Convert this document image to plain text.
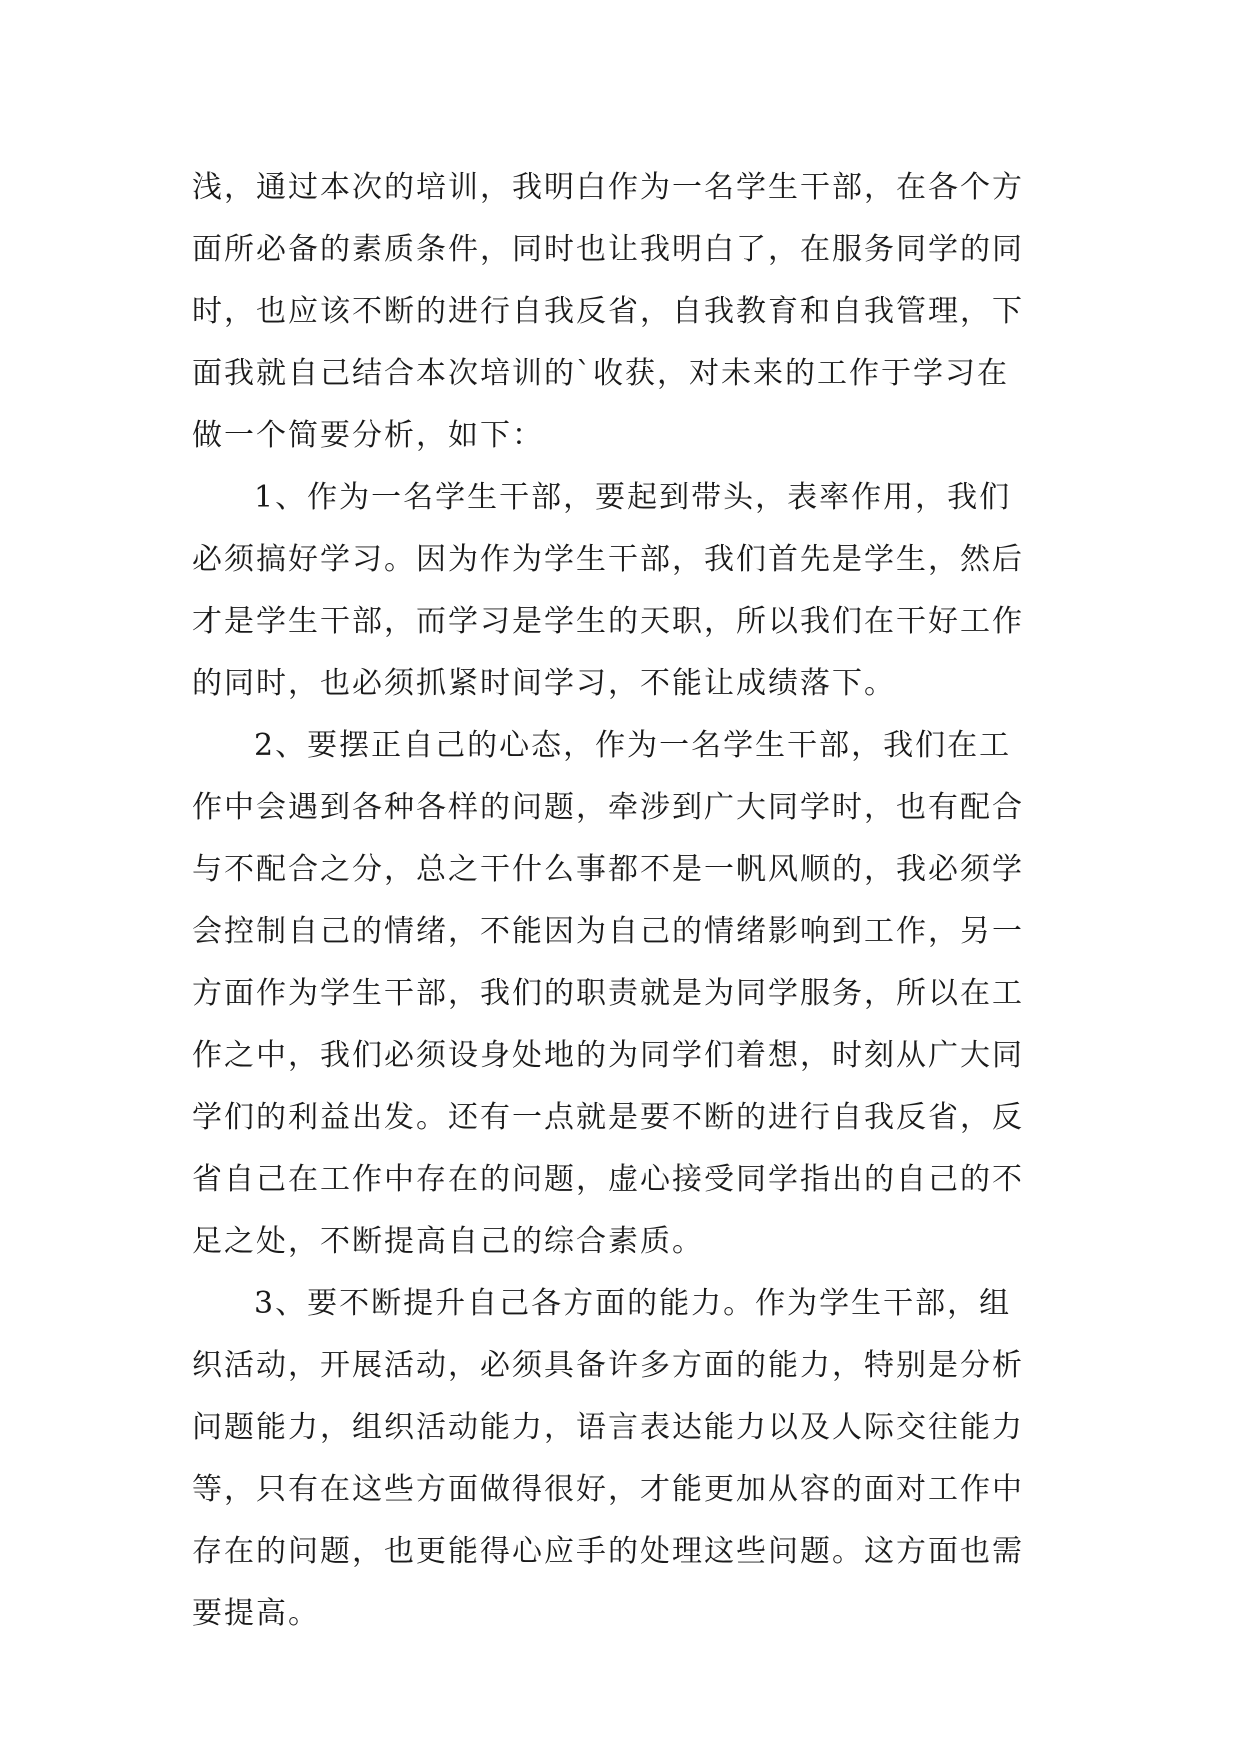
浅，通过本次的培训，我明白作为一名学生干部，在各个方
面所必备的素质条件，同时也让我明白了，在服务同学的同
时，也应该不断的进行自我反省，自我教育和自我管理，下
面我就自己结合本次培训的`收获，对未来的工作于学习在
做一个简要分析，如下：
1、作为一名学生干部，要起到带头，表率作用，我们
必须搞好学习。因为作为学生干部，我们首先是学生，然后
才是学生干部，而学习是学生的天职，所以我们在干好工作
的同时，也必须抓紧时间学习，不能让成绩落下。
2、要摆正自己的心态，作为一名学生干部，我们在工
作中会遇到各种各样的问题，牵涉到广大同学时，也有配合
与不配合之分，总之干什么事都不是一帆风顺的，我必须学
会控制自己的情绪，不能因为自己的情绪影响到工作，另一
方面作为学生干部，我们的职责就是为同学服务，所以在工
作之中，我们必须设身处地的为同学们着想，时刻从广大同
学们的利益出发。还有一点就是要不断的进行自我反省，反
省自己在工作中存在的问题，虚心接受同学指出的自己的不
足之处，不断提高自己的综合素质。
3、要不断提升自己各方面的能力。作为学生干部，组
织活动，开展活动，必须具备许多方面的能力，特别是分析
问题能力，组织活动能力，语言表达能力以及人际交往能力
等，只有在这些方面做得很好，才能更加从容的面对工作中
存在的问题，也更能得心应手的处理这些问题。这方面也需
要提高。
